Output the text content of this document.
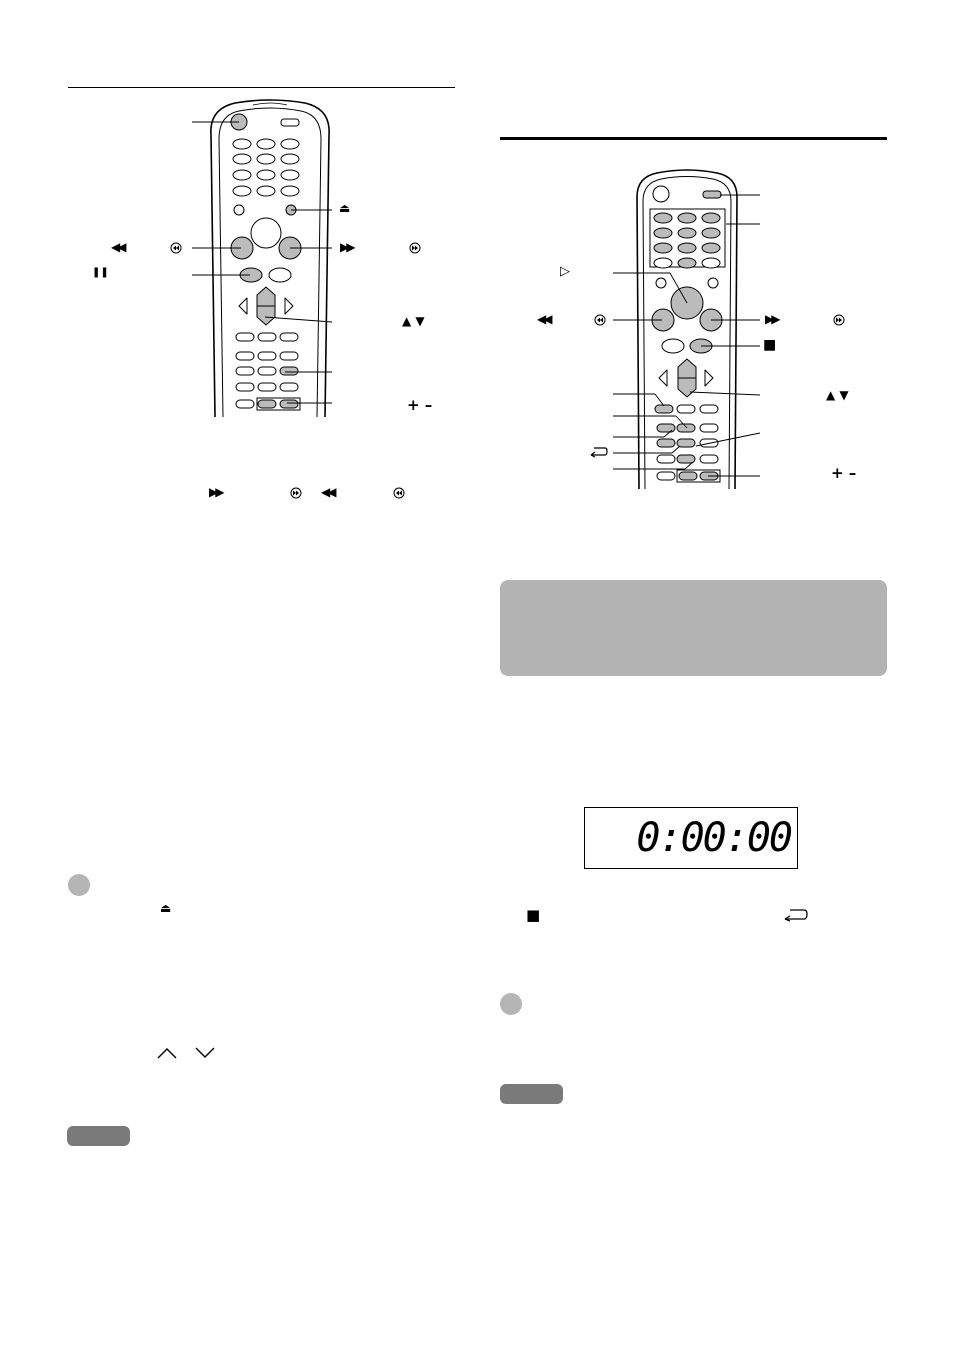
⏏
◀◀	▶▶
❚❚
▲ ▼
+ –
▶▶	◀◀
⏏
▷
◀◀	▶▶
■
▲ ▼
+ –
0:00:00
■
